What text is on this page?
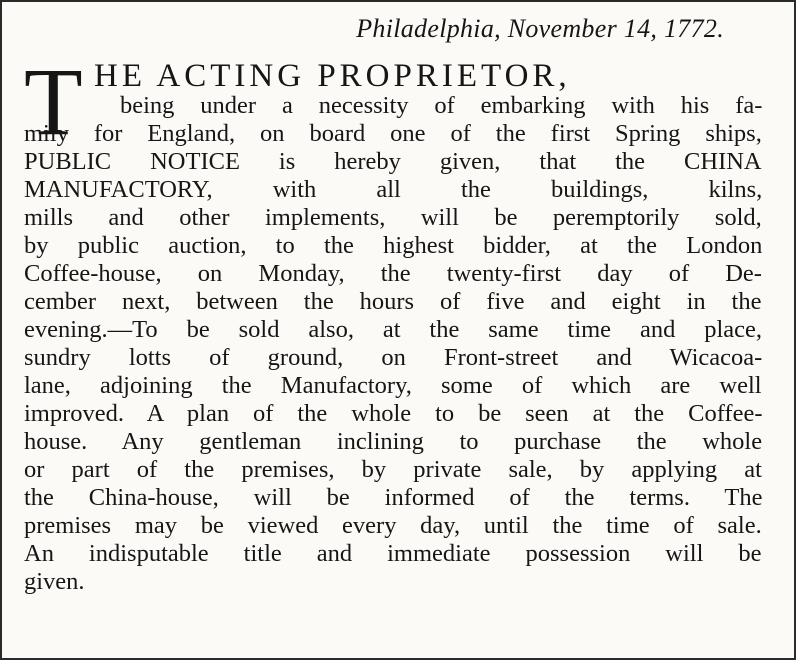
Philadelphia, November 14, 1772.
T HE ACTING PROPRIETOR,
being under a necessity of embarking with his fa-
mily for England, on board one of the first Spring ships,
PUBLIC NOTICE is hereby given, that the CHINA
MANUFACTORY, with all the buildings, kilns,
mills and other implements, will be peremptorily sold,
by public auction, to the highest bidder, at the London
Coffee-house, on Monday, the twenty-first day of De-
cember next, between the hours of five and eight in the
evening.—To be sold also, at the same time and place,
sundry lotts of ground, on Front-street and Wicacoa-
lane, adjoining the Manufactory, some of which are well
improved. A plan of the whole to be seen at the Coffee-
house. Any gentleman inclining to purchase the whole
or part of the premises, by private sale, by applying at
the China-house, will be informed of the terms. The
premises may be viewed every day, until the time of sale.
An indisputable title and immediate possession will be
given.
